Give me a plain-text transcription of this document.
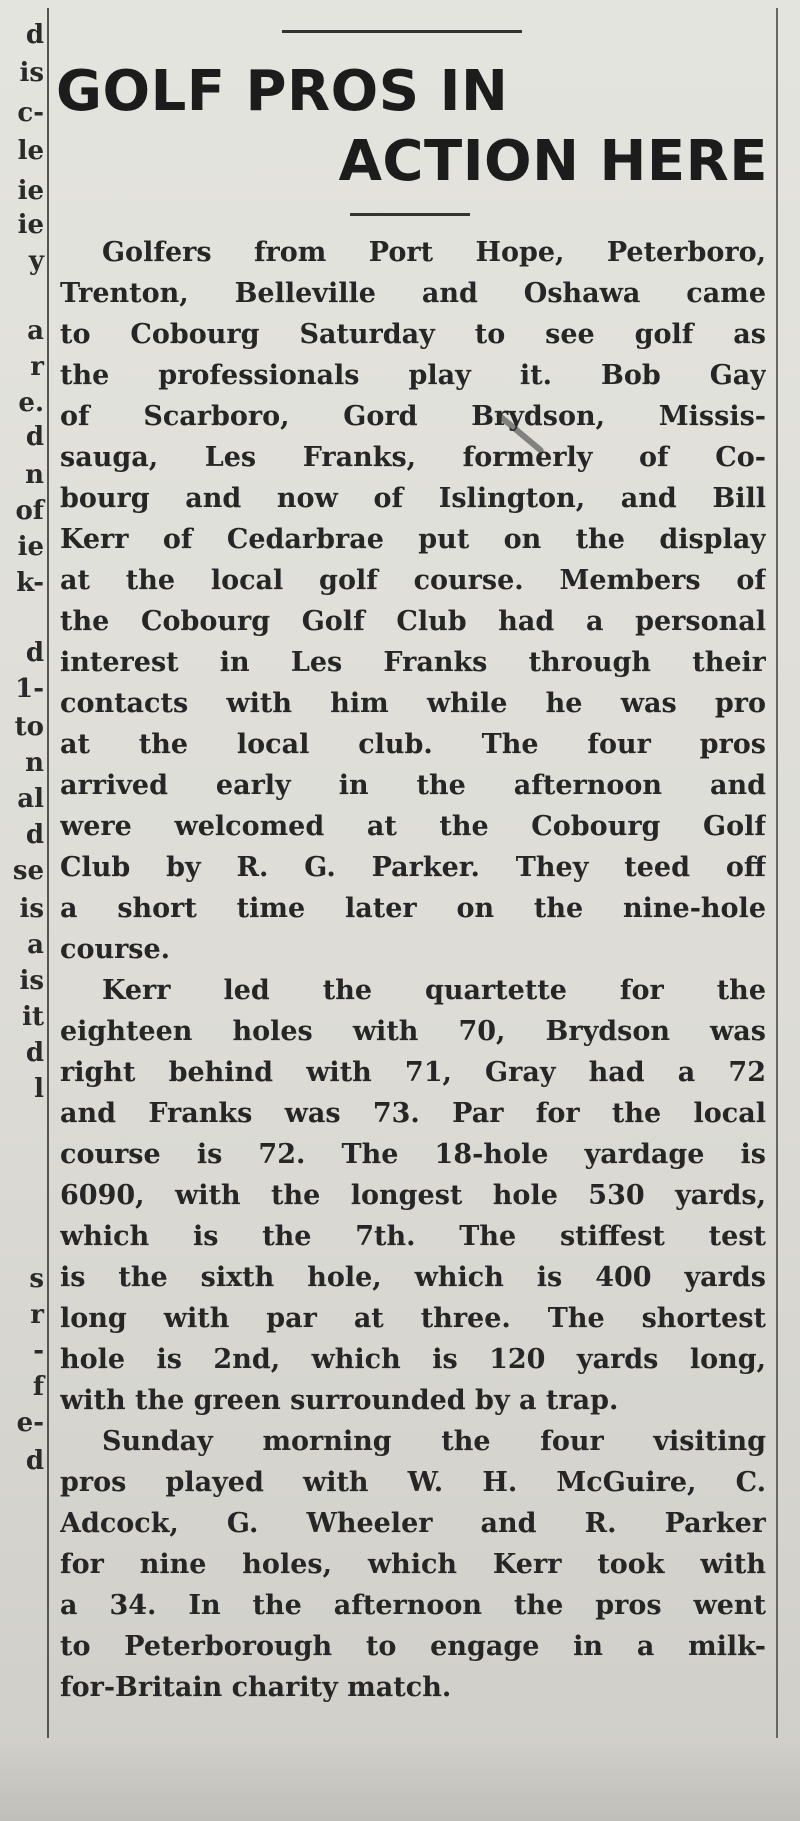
d
is
c-
le
ie
ie
y
a
r
e.
d
n
of
ie
k-
d
1-
to
n
al
d
se
is
a
is
it
d
l
s
r
-
f
e-
d
GOLF PROS IN
ACTION HERE
Golfers from Port Hope, Peterboro,
Trenton, Belleville and Oshawa came
to Cobourg Saturday to see golf as
the professionals play it. Bob Gay
of Scarboro, Gord Brydson, Missis-
sauga, Les Franks, formerly of Co-
bourg and now of Islington, and Bill
Kerr of Cedarbrae put on the display
at the local golf course. Members of
the Cobourg Golf Club had a personal
interest in Les Franks through their
contacts with him while he was pro
at the local club. The four pros
arrived early in the afternoon and
were welcomed at the Cobourg Golf
Club by R. G. Parker. They teed off
a short time later on the nine-hole
course.
Kerr led the quartette for the
eighteen holes with 70, Brydson was
right behind with 71, Gray had a 72
and Franks was 73. Par for the local
course is 72. The 18-hole yardage is
6090, with the longest hole 530 yards,
which is the 7th. The stiffest test
is the sixth hole, which is 400 yards
long with par at three. The shortest
hole is 2nd, which is 120 yards long,
with the green surrounded by a trap.
Sunday morning the four visiting
pros played with W. H. McGuire, C.
Adcock, G. Wheeler and R. Parker
for nine holes, which Kerr took with
a 34. In the afternoon the pros went
to Peterborough to engage in a milk-
for-Britain charity match.
